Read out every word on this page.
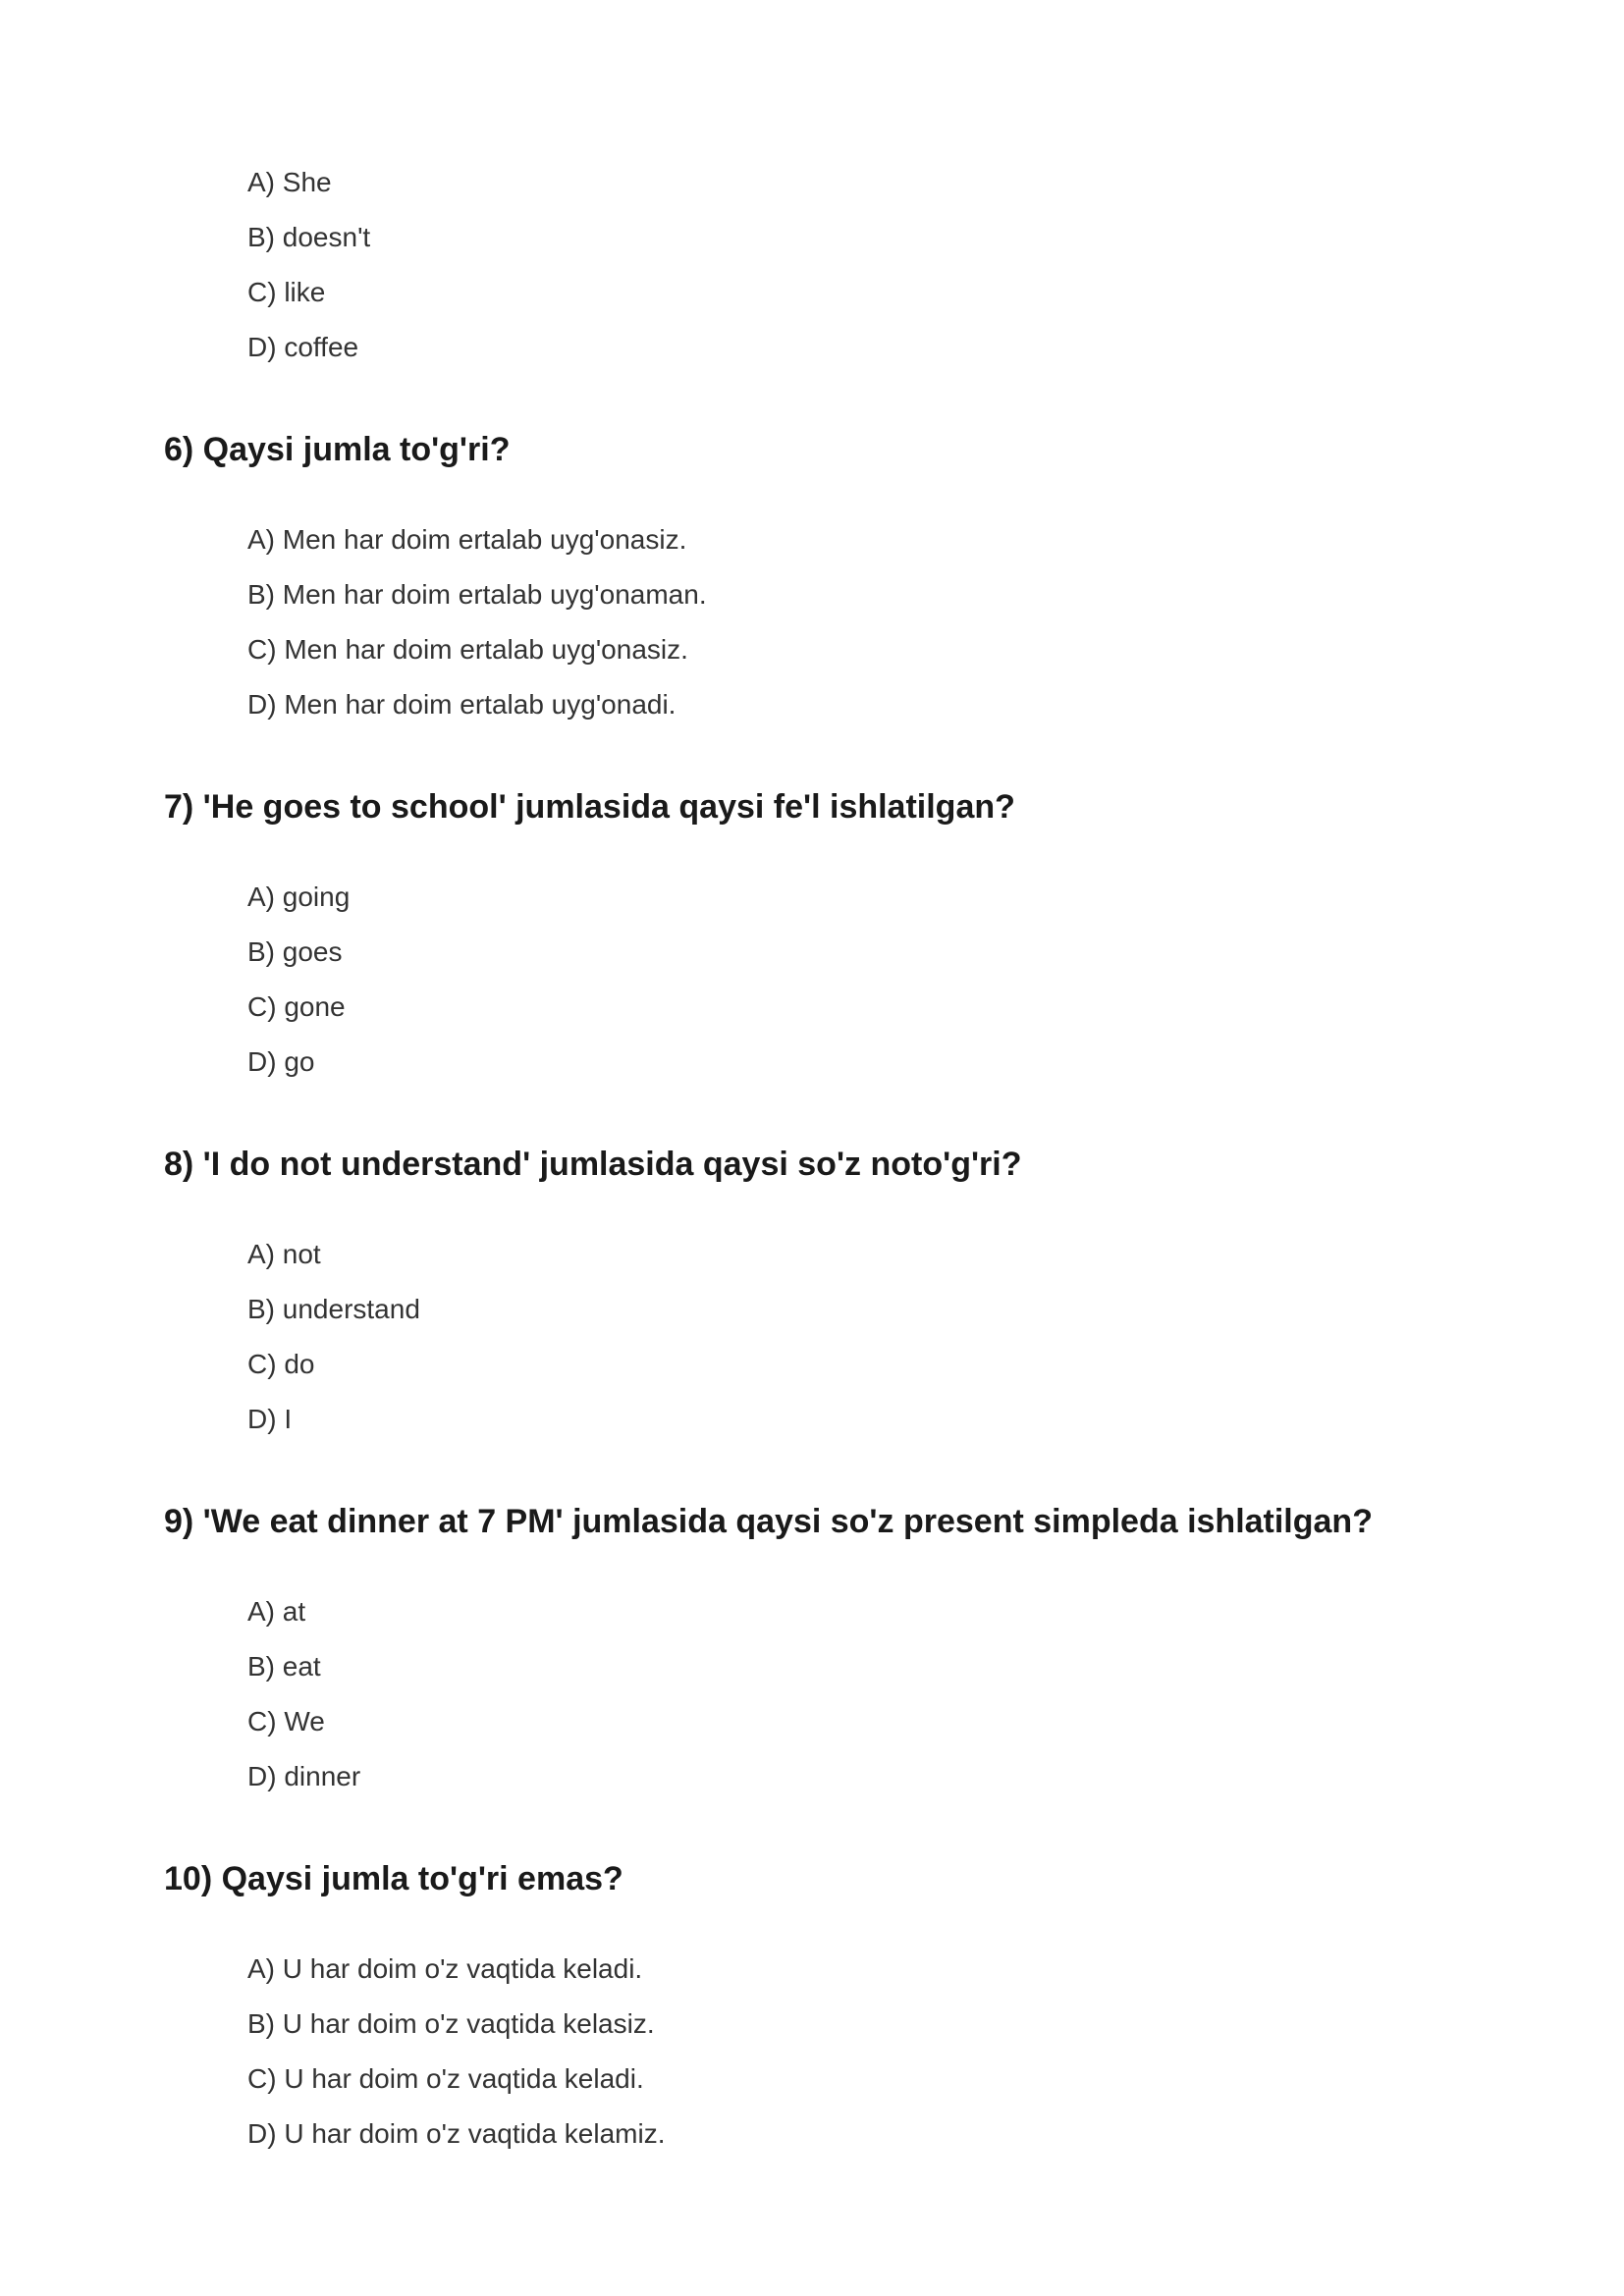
A) She
B) doesn't
C) like
D) coffee
6) Qaysi jumla to'g'ri?
A) Men har doim ertalab uyg'onasiz.
B) Men har doim ertalab uyg'onaman.
C) Men har doim ertalab uyg'onasiz.
D) Men har doim ertalab uyg'onadi.
7) 'He goes to school' jumlasida qaysi fe'l ishlatilgan?
A) going
B) goes
C) gone
D) go
8) 'I do not understand' jumlasida qaysi so'z noto'g'ri?
A) not
B) understand
C) do
D) I
9) 'We eat dinner at 7 PM' jumlasida qaysi so'z present simpleda ishlatilgan?
A) at
B) eat
C) We
D) dinner
10) Qaysi jumla to'g'ri emas?
A) U har doim o'z vaqtida keladi.
B) U har doim o'z vaqtida kelasiz.
C) U har doim o'z vaqtida keladi.
D) U har doim o'z vaqtida kelamiz.
